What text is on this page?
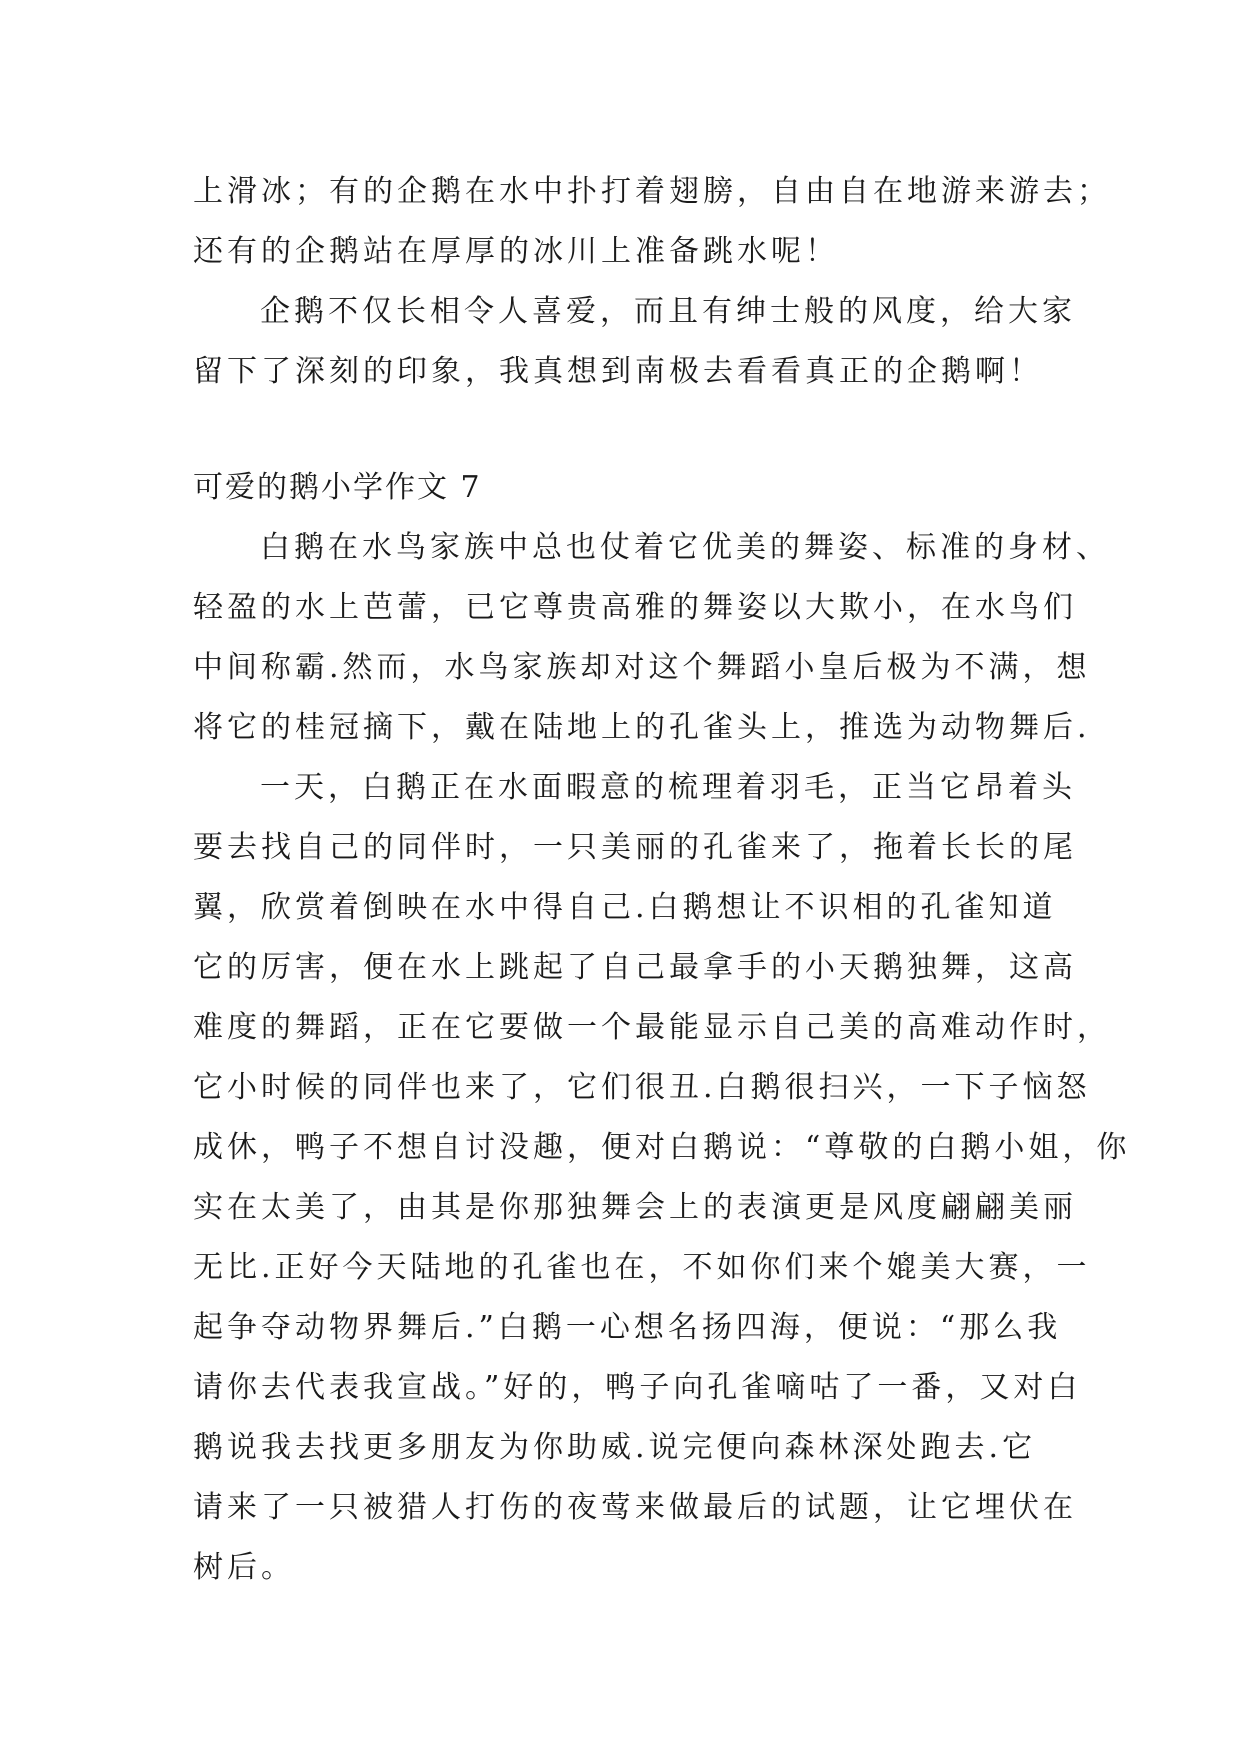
上滑冰；有的企鹅在水中扑打着翅膀，自由自在地游来游去；
还有的企鹅站在厚厚的冰川上准备跳水呢！
企鹅不仅长相令人喜爱，而且有绅士般的风度，给大家
留下了深刻的印象，我真想到南极去看看真正的企鹅啊！
可爱的鹅小学作文 7
白鹅在水鸟家族中总也仗着它优美的舞姿、标准的身材、
轻盈的水上芭蕾，已它尊贵高雅的舞姿以大欺小，在水鸟们
中间称霸.然而，水鸟家族却对这个舞蹈小皇后极为不满，想
将它的桂冠摘下，戴在陆地上的孔雀头上，推选为动物舞后.
一天，白鹅正在水面暇意的梳理着羽毛，正当它昂着头
要去找自己的同伴时，一只美丽的孔雀来了，拖着长长的尾
翼，欣赏着倒映在水中得自己.白鹅想让不识相的孔雀知道
它的厉害，便在水上跳起了自己最拿手的小天鹅独舞，这高
难度的舞蹈，正在它要做一个最能显示自己美的高难动作时，
它小时候的同伴也来了，它们很丑.白鹅很扫兴，一下子恼怒
成休，鸭子不想自讨没趣，便对白鹅说：“尊敬的白鹅小姐，你
实在太美了，由其是你那独舞会上的表演更是风度翩翩美丽
无比.正好今天陆地的孔雀也在，不如你们来个媲美大赛，一
起争夺动物界舞后.”白鹅一心想名扬四海，便说：“那么我
请你去代表我宣战。”好的，鸭子向孔雀嘀咕了一番，又对白
鹅说我去找更多朋友为你助威.说完便向森林深处跑去.它
请来了一只被猎人打伤的夜莺来做最后的试题，让它埋伏在
树后。
